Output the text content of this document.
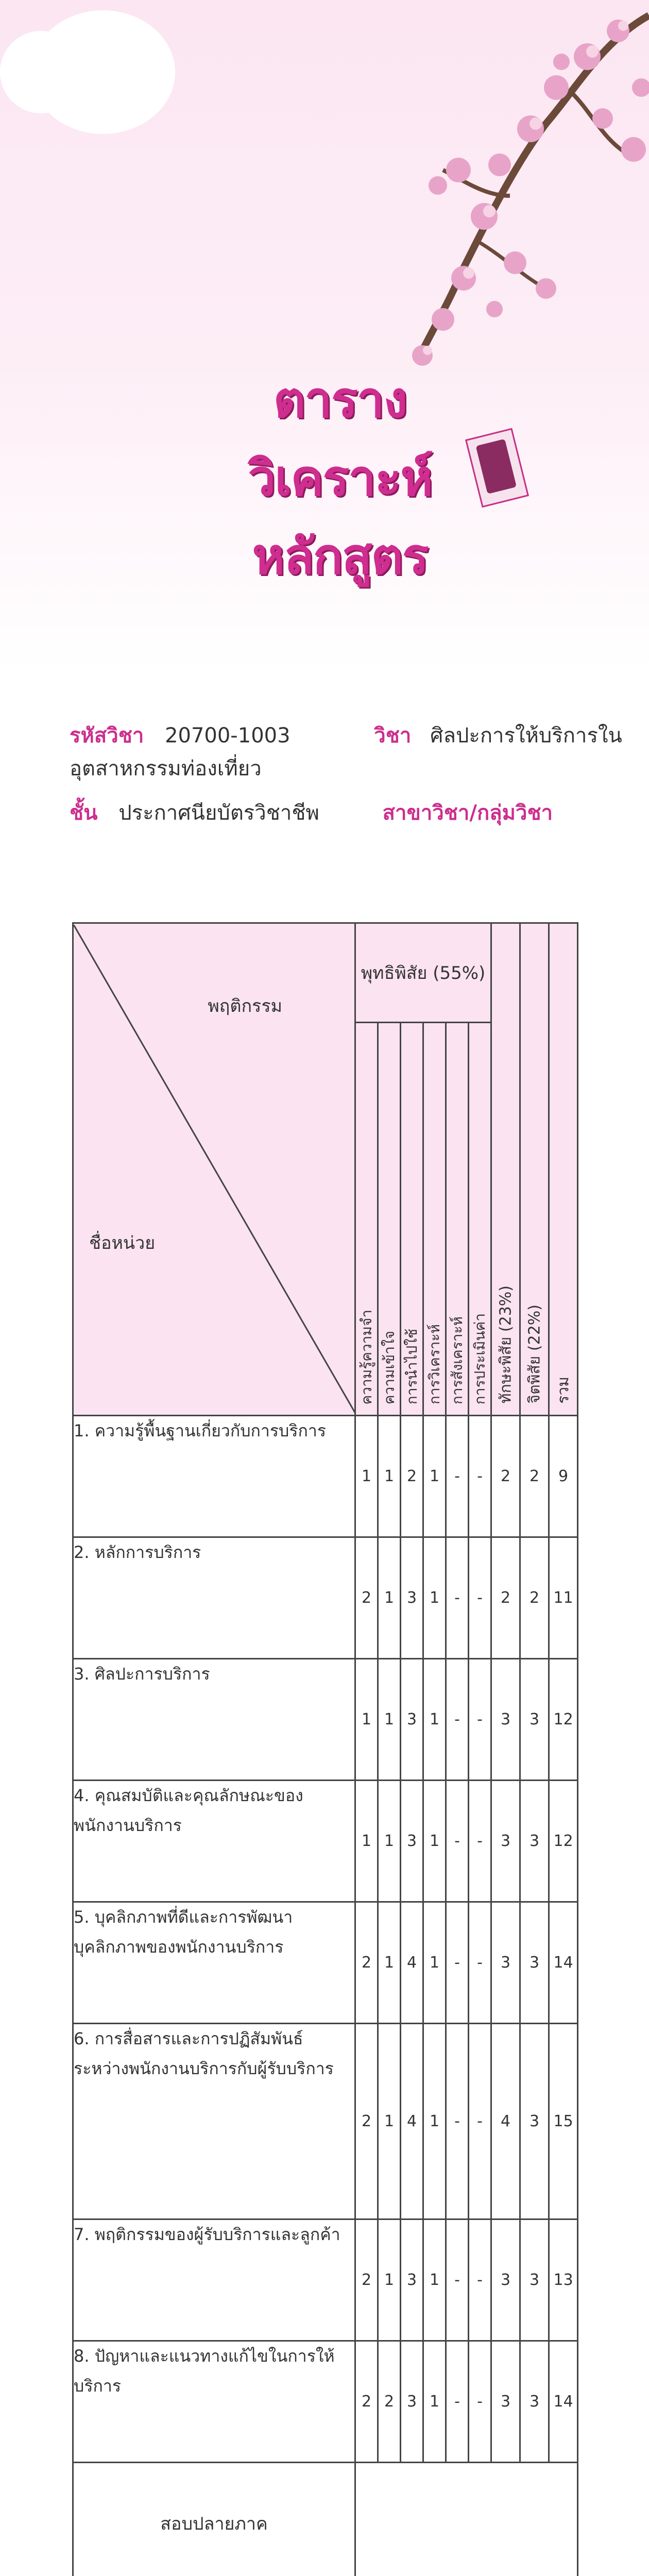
ตารางวิเคราะห์หลักสูตร
รหัสวิชา 20700-1003	วิชา ศิลปะการให้บริการในอุตสาหกรรมท่องเที่ยว
ชั้น ประกาศนียบัตรวิชาชีพ	สาขาวิชา/กลุ่มวิชา
พฤติกรรม
ชื่อหน่วย	พุทธิพิสัย (55%)						ทักษะพิสัย (23%)	จิตพิสัย (22%)	รวม

	ความรู้ความจำ	ความเข้าใจ	การนำไปใช้	การวิเคราะห์	การสังเคราะห์	การประเมินค่า			

1. ความรู้พื้นฐานเกี่ยวกับการบริการ	1	1	2	1	-	-	2	2	9
2. หลักการบริการ	2	1	3	1	-	-	2	2	11
3. ศิลปะการบริการ	1	1	3	1	-	-	3	3	12
4. คุณสมบัติและคุณลักษณะของพนักงานบริการ	1	1	3	1	-	-	3	3	12
5. บุคลิกภาพที่ดีและการพัฒนาบุคลิกภาพของพนักงานบริการ	2	1	4	1	-	-	3	3	14
6. การสื่อสารและการปฏิสัมพันธ์ระหว่างพนักงานบริการกับผู้รับบริการ	2	1	4	1	-	-	4	3	15
7. พฤติกรรมของผู้รับบริการและลูกค้า	2	1	3	1	-	-	3	3	13
8. ปัญหาและแนวทางแก้ไขในการให้บริการ	2	2	3	1	-	-	3	3	14
สอบปลายภาค									
